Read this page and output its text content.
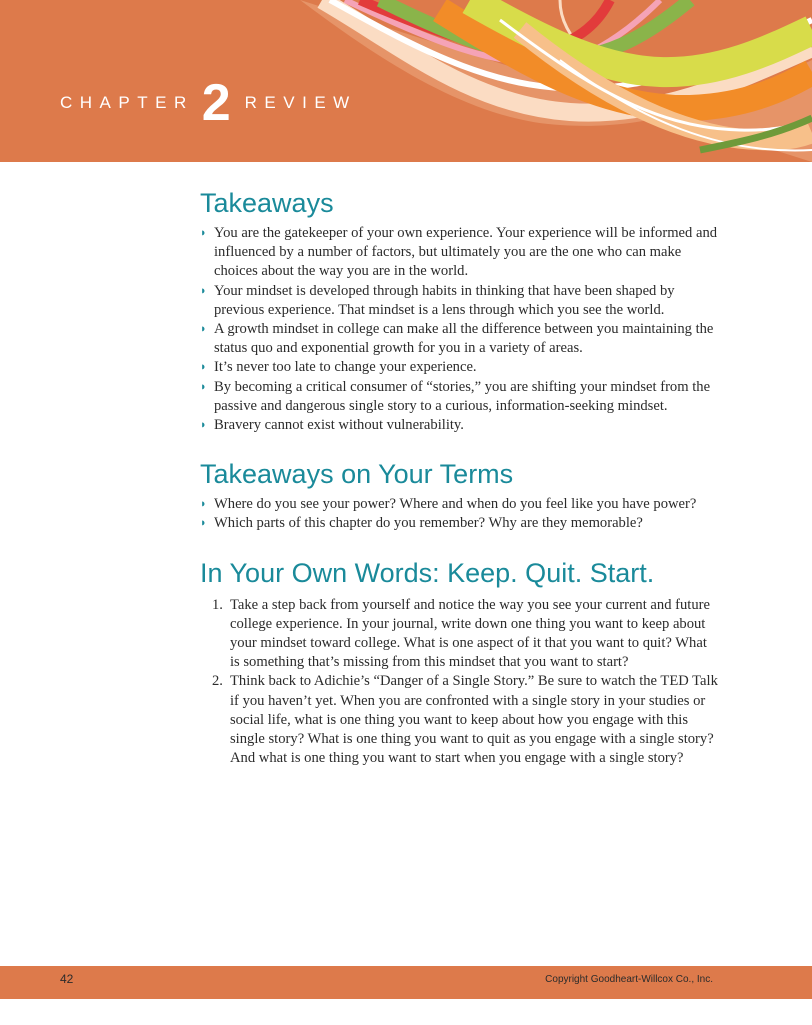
CHAPTER 2 REVIEW
Takeaways
◗ You are the gatekeeper of your own experience. Your experience will be informed and influenced by a number of factors, but ultimately you are the one who can make choices about the way you are in the world.
◗ Your mindset is developed through habits in thinking that have been shaped by previous experience. That mindset is a lens through which you see the world.
◗ A growth mindset in college can make all the difference between you maintaining the status quo and exponential growth for you in a variety of areas.
◗ It’s never too late to change your experience.
◗ By becoming a critical consumer of “stories,” you are shifting your mindset from the passive and dangerous single story to a curious, information-seeking mindset.
◗ Bravery cannot exist without vulnerability.
Takeaways on Your Terms
◗ Where do you see your power? Where and when do you feel like you have power?
◗ Which parts of this chapter do you remember? Why are they memorable?
In Your Own Words: Keep. Quit. Start.
1. Take a step back from yourself and notice the way you see your current and future college experience. In your journal, write down one thing you want to keep about your mindset toward college. What is one aspect of it that you want to quit? What is something that’s missing from this mindset that you want to start?
2. Think back to Adichie’s “Danger of a Single Story.” Be sure to watch the TED Talk if you haven’t yet. When you are confronted with a single story in your studies or social life, what is one thing you want to keep about how you engage with this single story? What is one thing you want to quit as you engage with a single story? And what is one thing you want to start when you engage with a single story?
42	Copyright Goodheart-Willcox Co., Inc.
